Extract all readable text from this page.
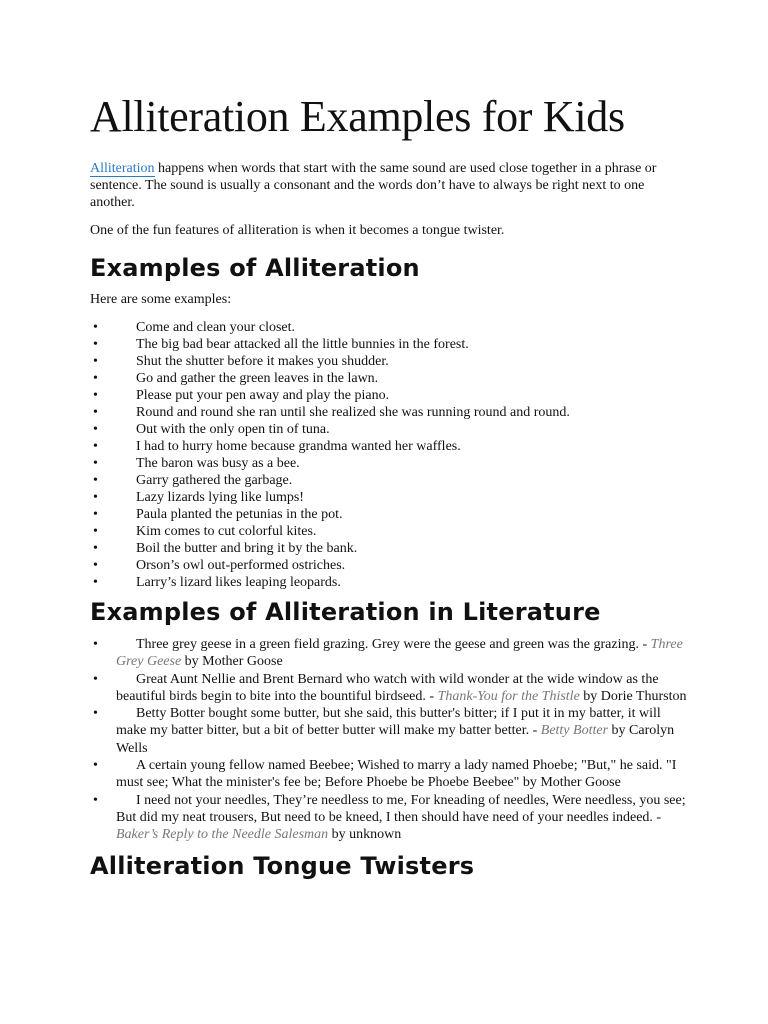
Alliteration Examples for Kids

Alliteration happens when words that start with the same sound are used close together in a phrase or sentence. The sound is usually a consonant and the words don’t have to always be right next to one another.

One of the fun features of alliteration is when it becomes a tongue twister.

Examples of Alliteration

Here are some examples:

•	Come and clean your closet.
•	The big bad bear attacked all the little bunnies in the forest.
•	Shut the shutter before it makes you shudder.
•	Go and gather the green leaves in the lawn.
•	Please put your pen away and play the piano.
•	Round and round she ran until she realized she was running round and round.
•	Out with the only open tin of tuna.
•	I had to hurry home because grandma wanted her waffles.
•	The baron was busy as a bee.
•	Garry gathered the garbage.
•	Lazy lizards lying like lumps!
•	Paula planted the petunias in the pot.
•	Kim comes to cut colorful kites.
•	Boil the butter and bring it by the bank.
•	Orson’s owl out-performed ostriches.
•	Larry’s lizard likes leaping leopards.
Examples of Alliteration in Literature
•	Three grey geese in a green field grazing. Grey were the geese and green was the grazing. - Three Grey Geese by Mother Goose
•	Great Aunt Nellie and Brent Bernard who watch with wild wonder at the wide window as the beautiful birds begin to bite into the bountiful birdseed. - Thank-You for the Thistle by Dorie Thurston
•	Betty Botter bought some butter, but she said, this butter's bitter; if I put it in my batter, it will make my batter bitter, but a bit of better butter will make my batter better. - Betty Botter by Carolyn Wells
•	A certain young fellow named Beebee; Wished to marry a lady named Phoebe; "But," he said. "I must see; What the minister's fee be; Before Phoebe be Phoebe Beebee" by Mother Goose
•	I need not your needles, They’re needless to me, For kneading of needles, Were needless, you see; But did my neat trousers, But need to be kneed, I then should have need of your needles indeed. - Baker’s Reply to the Needle Salesman by unknown
Alliteration Tongue Twisters
